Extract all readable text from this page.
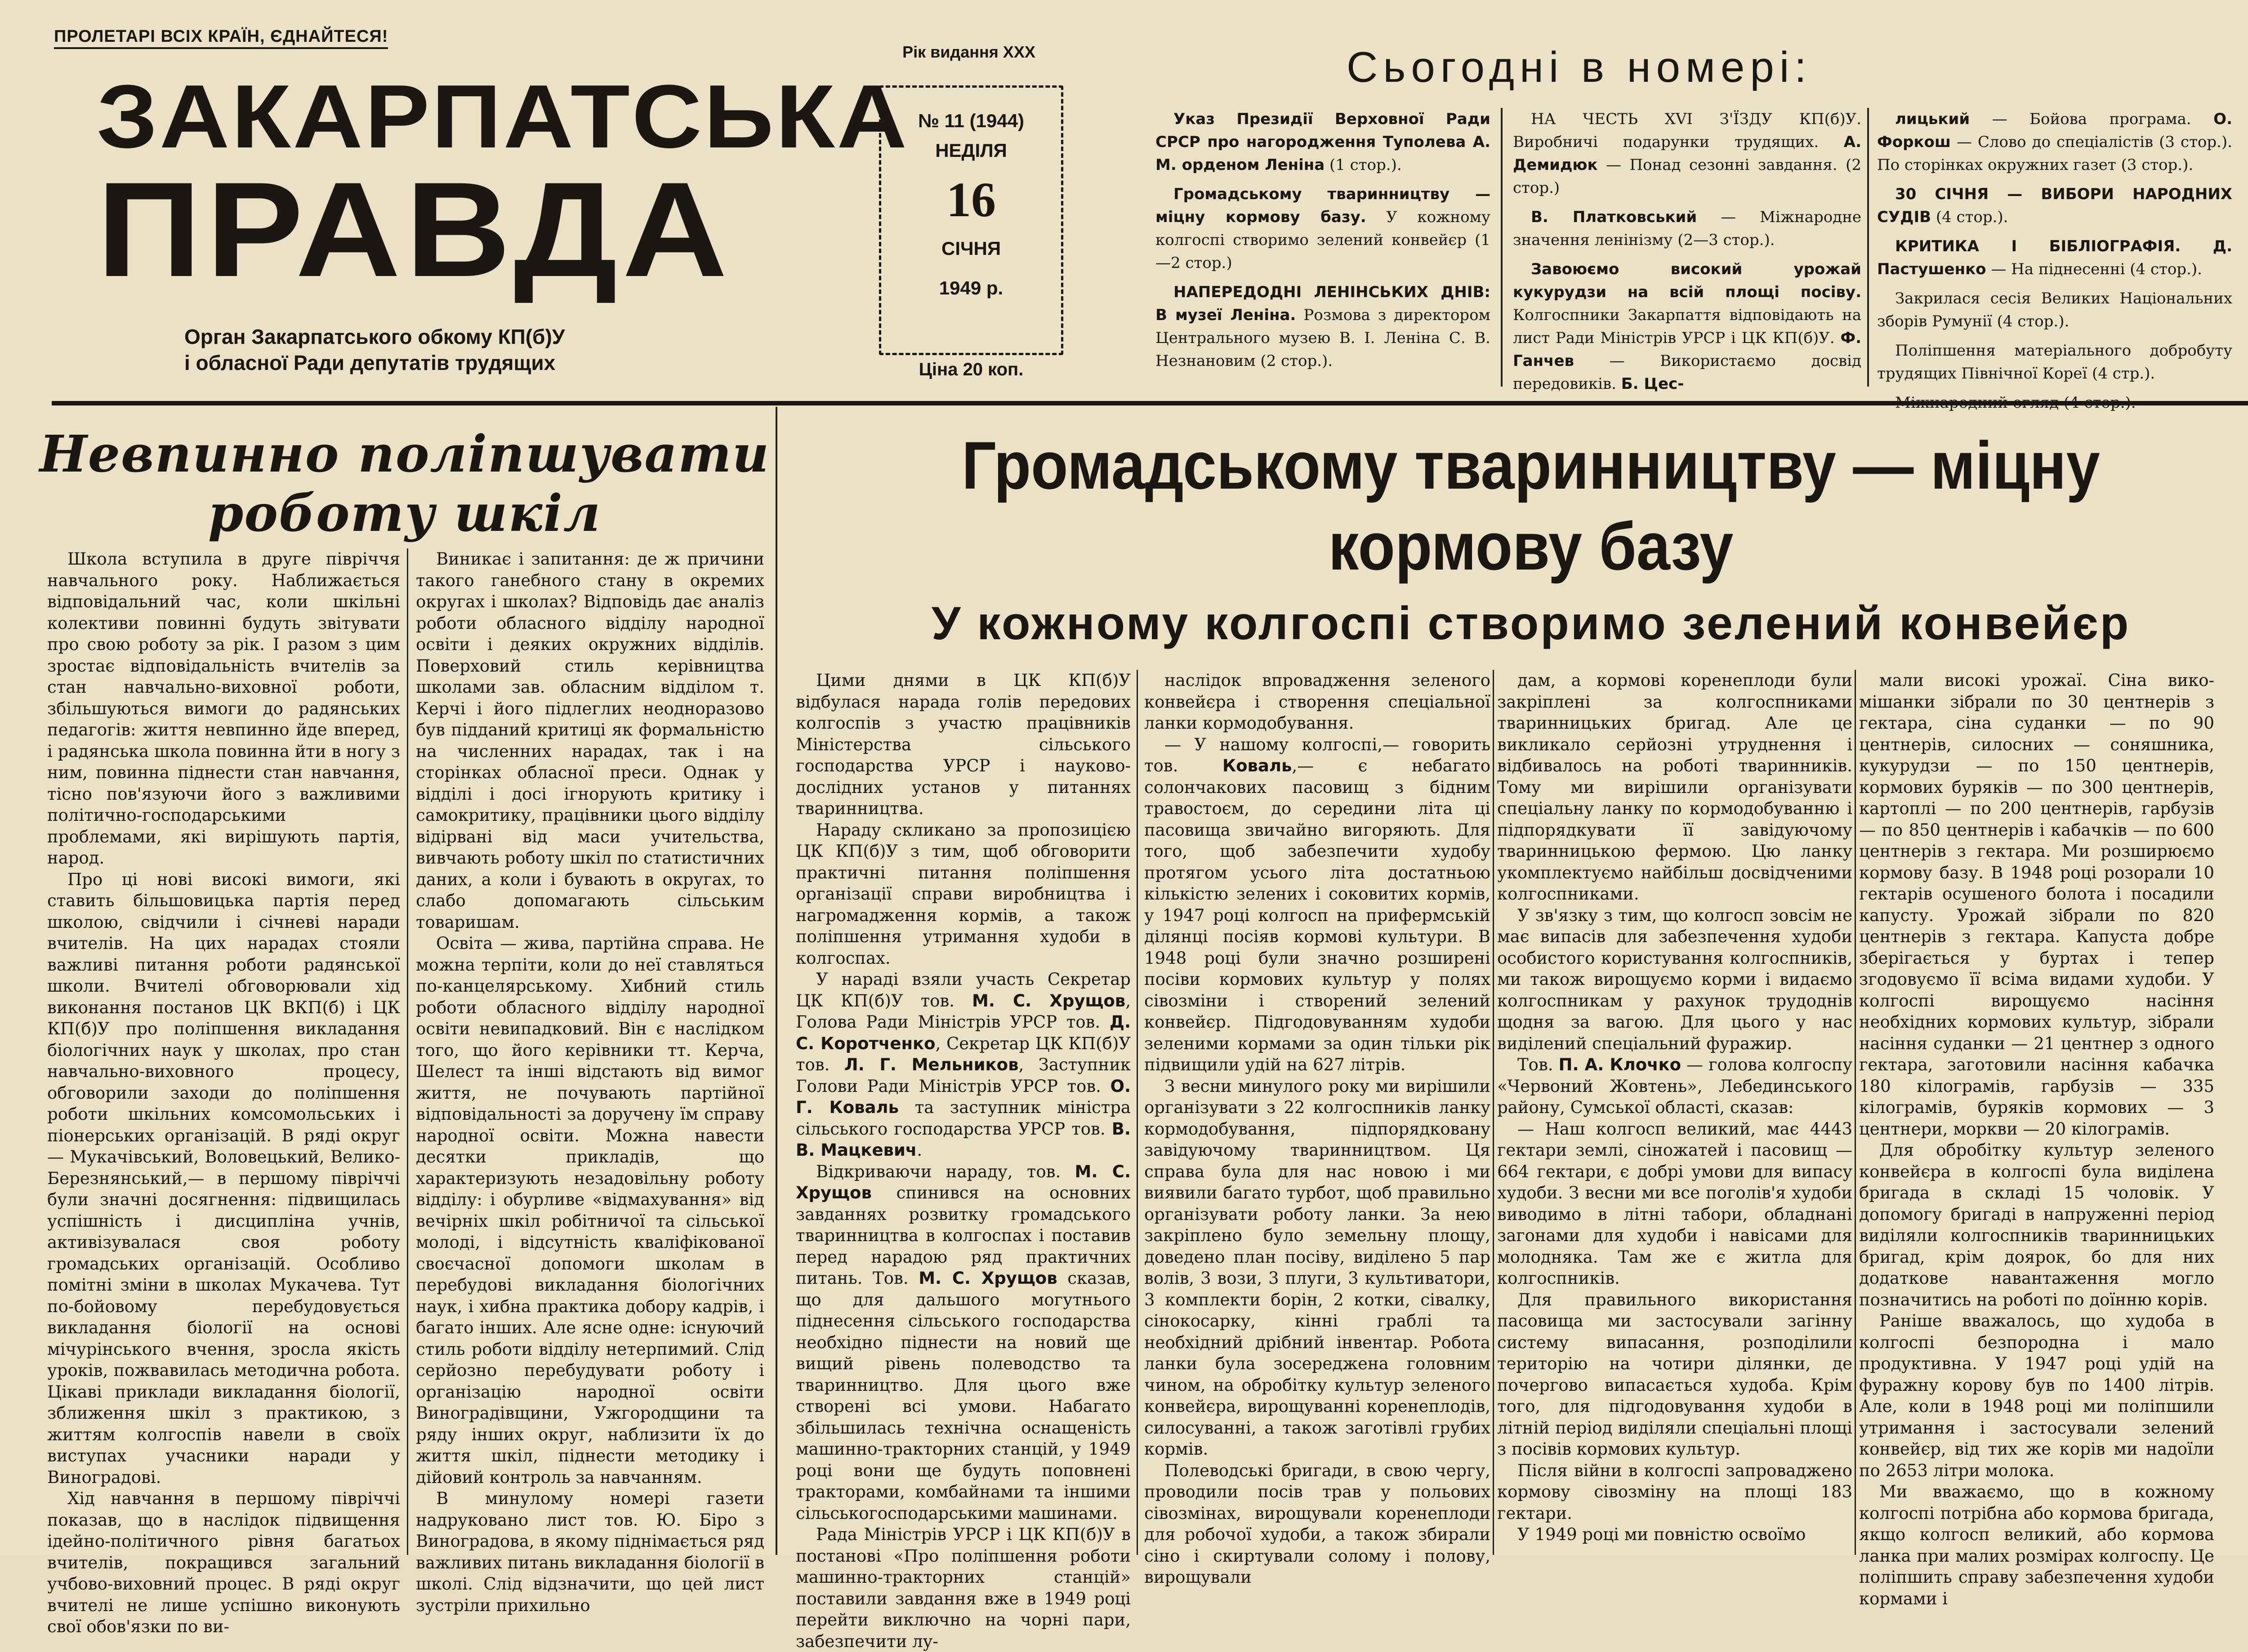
ПРОЛЕТАРІ ВСІХ КРАЇН, ЄДНАЙТЕСЯ!
ЗАКАРПАТСЬКА
ПРАВДА
Орган Закарпатського обкому КП(б)У
і обласної Ради депутатів трудящих
Рік видання XXX
№ 11 (1944)
НЕДІЛЯ
16
СІЧНЯ
1949 р.
Ціна 20 коп.
Сьогодні в номері:

Указ Президії Верховної Ради СРСР про нагородження Туполева А. М. орденом Леніна (1 стор.).

Громадському тваринництву — міцну кормову базу. У кожному колгоспі створимо зелений конвейєр (1—2 стор.)

НАПЕРЕДОДНІ ЛЕНІНСЬКИХ ДНІВ: В музеї Леніна. Розмова з директором Центрального музею В. І. Леніна С. В. Незнановим (2 стор.).

НА ЧЕСТЬ XVI З'ЇЗДУ КП(б)У. Виробничі подарунки трудящих. А. Демидюк — Понад сезонні завдання. (2 стор.)

В. Платковський — Міжнародне значення ленінізму (2—3 стор.).

Завоюємо високий урожай кукурудзи на всій площі посіву. Колгоспники Закарпаття відповідають на лист Ради Міністрів УРСР і ЦК КП(б)У. Ф. Ганчев — Використаємо досвід передовиків. Б. Цес-

лицький — Бойова програма. О. Форкош — Слово до спеціалістів (3 стор.). По сторінках окружних газет (3 стор.).

30 СІЧНЯ — ВИБОРИ НАРОДНИХ СУДІВ (4 стор.).

КРИТИКА І БІБЛІОГРАФІЯ. Д. Пастушенко — На піднесенні (4 стор.).

Закрилася сесія Великих Національних зборів Румунії (4 стор.).

Поліпшення матеріального добробуту трудящих Північної Кореї (4 стр.).

Невпинно поліпшувати роботу шкіл

Школа вступила в друге півріччя навчального року. Наближається відповідальний час, коли шкільні колективи повинні будуть звітувати про свою роботу за рік. І разом з цим зростає відповідальність вчителів за стан навчально-виховної роботи, збільшуються вимоги до радянських педагогів: життя невпинно йде вперед, і радянська школа повинна йти в ногу з ним, повинна піднести стан навчання, тісно пов'язуючи його з важливими політично-господарськими проблемами, які вирішують партія, народ.

Про ці нові високі вимоги, які ставить більшовицька партія перед школою, свідчили і січневі наради вчителів. На цих нарадах стояли важливі питання роботи радянської школи. Вчителі обговорювали хід виконання постанов ЦК ВКП(б) і ЦК КП(б)У про поліпшення викладання біологічних наук у школах, про стан навчально-виховного процесу, обговорили заходи до поліпшення роботи шкільних комсомольських і піонерських організацій. В ряді округ — Мукачівський, Воловецький, Велико-Березнянський,— в першому півріччі були значні досягнення: підвищилась успішність і дисципліна учнів, активізувалася своя роботу громадських організацій. Особливо помітні зміни в школах Мукачева. Тут по-бойовому перебудовується викладання біології на основі мічурінського вчення, зросла якість уроків, пожвавилась методична робота. Цікаві приклади викладання біології, зближення шкіл з практикою, з життям колгоспів навели в своїх виступах учасники наради у Виноградові.

Хід навчання в першому півріччі показав, що в наслідок підвищення ідейно-політичного рівня багатьох вчителів, покращився загальний учбово-виховний процес. В ряді округ вчителі не лише успішно виконують свої обов'язки по ви-

Виникає і запитання: де ж причини такого ганебного стану в окремих округах і школах? Відповідь дає аналіз роботи обласного відділу народної освіти і деяких окружних відділів. Поверховий стиль керівництва школами зав. обласним відділом т. Керчі і його підлеглих неодноразово був підданий критиці як формальністю на численних нарадах, так і на сторінках обласної преси. Однак у відділі і досі ігнорують критику і самокритику, працівники цього відділу відірвані від маси учительства, вивчають роботу шкіл по статистичних даних, а коли і бувають в округах, то слабо допомагають сільським товаришам.

Освіта — жива, партійна справа. Не можна терпіти, коли до неї ставляться по-канцелярському. Хибний стиль роботи обласного відділу народної освіти невипадковий. Він є наслідком того, що його керівники тт. Керча, Шелест та інші відстають від вимог життя, не почувають партійної відповідальності за доручену їм справу народної освіти. Можна навести десятки прикладів, що характеризують незадовільну роботу відділу: і обурливе «відмахування» від вечірніх шкіл робітничої та сільської молоді, і відсутність кваліфікованої своєчасної допомоги школам в перебудові викладання біологічних наук, і хибна практика добору кадрів, і багато інших. Але ясне одне: існуючий стиль роботи відділу нетерпимий. Слід серйозно перебудувати роботу і організацію народної освіти Виноградівщини, Ужгородщини та ряду інших округ, наблизити їх до життя шкіл, піднести методику і дійовий контроль за навчанням.

В минулому номері газети надруковано лист тов. Ю. Біро з Виноградова, в якому піднімається ряд важливих питань викладання біології в школі. Слід відзначити, що цей лист зустріли прихильно

Громадському тваринництву — міцну
кормову базу
У кожному колгоспі створимо зелений конвейєр

Цими днями в ЦК КП(б)У відбулася нарада голів передових колгоспів з участю працівників Міністерства сільського господарства УРСР і науково-дослідних установ у питаннях тваринництва.

Нараду скликано за пропозицією ЦК КП(б)У з тим, щоб обговорити практичні питання поліпшення організації справи виробництва і нагромадження кормів, а також поліпшення утримання худоби в колгоспах.

У нараді взяли участь Секретар ЦК КП(б)У тов. М. С. Хрущов, Голова Ради Міністрів УРСР тов. Д. С. Коротченко, Секретар ЦК КП(б)У тов. Л. Г. Мельников, Заступник Голови Ради Міністрів УРСР тов. О. Г. Коваль та заступник міністра сільського господарства УРСР тов. В. В. Мацкевич.

Відкриваючи нараду, тов. М. С. Хрущов спинився на основних завданнях розвитку громадського тваринництва в колгоспах і поставив перед нарадою ряд практичних питань. Тов. М. С. Хрущов сказав, що для дальшого могутнього піднесення сільського господарства необхідно піднести на новий ще вищий рівень полеводство та тваринництво. Для цього вже створені всі умови. Набагато збільшилась технічна оснащеність машинно-тракторних станцій, у 1949 році вони ще будуть поповнені тракторами, комбайнами та іншими сільськогосподарськими машинами.

Рада Міністрів УРСР і ЦК КП(б)У в постанові «Про поліпшення роботи машинно-тракторних станцій» поставили завдання вже в 1949 році перейти виключно на чорні пари, забезпечити лу-

наслідок впровадження зеленого конвейєра і створення спеціальної ланки кормодобування.

— У нашому колгоспі,— говорить тов. Коваль,— є небагато солончакових пасовищ з бідним травостоєм, до середини літа ці пасовища звичайно вигоряють. Для того, щоб забезпечити худобу протягом усього літа достатньою кількістю зелених і соковитих кормів, у 1947 році колгосп на прифермській ділянці посіяв кормові культури. В 1948 році були значно розширені посіви кормових культур у полях сівозміни і створений зелений конвейєр. Підгодовуванням худоби зеленими кормами за один тільки рік підвищили удій на 627 літрів.

З весни минулого року ми вирішили організувати з 22 колгоспників ланку кормодобування, підпорядковану завідуючому тваринництвом. Ця справа була для нас новою і ми виявили багато турбот, щоб правильно організувати роботу ланки. За нею закріплено було земельну площу, доведено план посіву, виділено 5 пар волів, 3 вози, 3 плуги, 3 культиватори, 3 комплекти борін, 2 котки, сівалку, сінокосарку, кінні граблі та необхідний дрібний інвентар. Робота ланки була зосереджена головним чином, на обробітку культур зеленого конвейєра, вирощуванні коренеплодів, силосуванні, а також заготівлі грубих кормів.

Полеводські бригади, в свою чергу, проводили посів трав у польових сівозмінах, вирощували коренеплоди для робочої худоби, а також збирали сіно і скиртували солому і полову, вирощували

дам, а кормові коренеплоди були закріплені за колгоспниками тваринницьких бригад. Але це викликало серйозні утруднення і відбивалось на роботі тваринників. Тому ми вирішили організувати спеціальну ланку по кормодобуванню і підпорядкувати її завідуючому тваринницькою фермою. Цю ланку укомплектуємо найбільш досвідченими колгоспниками.

У зв'язку з тим, що колгосп зовсім не має випасів для забезпечення худоби особистого користування колгоспників, ми також вирощуємо корми і видаємо колгоспникам у рахунок трудоднів щодня за вагою. Для цього у нас виділений спеціальний фуражир.

Тов. П. А. Клочко — голова колгоспу «Червоний Жовтень», Лебединського району, Сумської області, сказав:

— Наш колгосп великий, має 4443 гектари землі, сіножатей і пасовищ — 664 гектари, є добрі умови для випасу худоби. З весни ми все поголів'я худоби виводимо в літні табори, обладнані загонами для худоби і навісами для молодняка. Там же є житла для колгоспників.

Для правильного використання пасовища ми застосували загінну систему випасання, розподілили територію на чотири ділянки, де почергово випасається худоба. Крім того, для підгодовування худоби в літній період виділяли спеціальні площі з посівів кормових культур.

Після війни в колгоспі запроваджено кормову сівозміну на площі 183 гектари.

У 1949 році ми повністю освоїмо

мали високі урожаї. Сіна вико-мішанки зібрали по 30 центнерів з гектара, сіна суданки — по 90 центнерів, силосних — соняшника, кукурудзи — по 150 центнерів, кормових буряків — по 300 центнерів, картоплі — по 200 центнерів, гарбузів — по 850 центнерів і кабачків — по 600 центнерів з гектара. Ми розширюємо кормову базу. В 1948 році розорали 10 гектарів осушеного болота і посадили капусту. Урожай зібрали по 820 центнерів з гектара. Капуста добре зберігається у буртах і тепер згодовуємо її всіма видами худоби. У колгоспі вирощуємо насіння необхідних кормових культур, зібрали насіння суданки — 21 центнер з одного гектара, заготовили насіння кабачка 180 кілограмів, гарбузів — 335 кілограмів, буряків кормових — 3 центнери, моркви — 20 кілограмів.

Для обробітку культур зеленого конвейєра в колгоспі була виділена бригада в складі 15 чоловік. У допомогу бригаді в напруженні період виділяли колгоспників тваринницьких бригад, крім доярок, бо для них додаткове навантаження могло позначитись на роботі по доїнню корів.

Раніше вважалось, що худоба в колгоспі безпородна і мало продуктивна. У 1947 році удій на фуражну корову був по 1400 літрів. Але, коли в 1948 році ми поліпшили утримання і застосували зелений конвейєр, від тих же корів ми надоїли по 2653 літри молока.

Ми вважаємо, що в кожному колгоспі потрібна або кормова бригада, якщо колгосп великий, або кормова ланка при малих розмірах колгоспу. Це поліпшить справу забезпечення худоби кормами і
